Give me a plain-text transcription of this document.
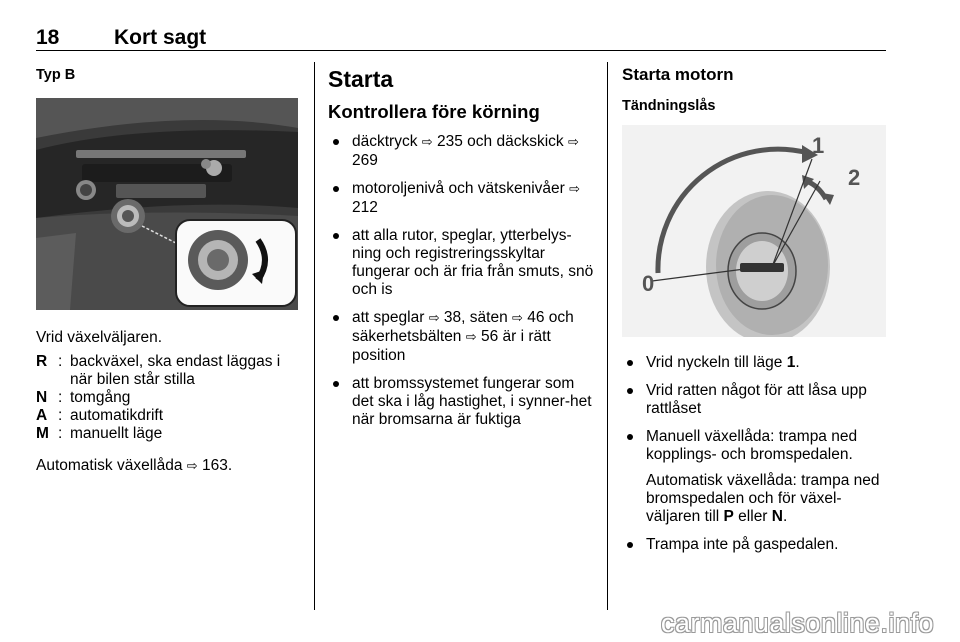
18	Kort sagt
Typ B

Vrid växelväljaren.

R : backväxel, ska endast läggas i när bilen står stilla
N : tomgång
A : automatikdrift
M : manuellt läge

Automatisk växellåda ⇨ 163.

Starta
Kontrollera före körning
däcktryck ⇨ 235 och däckskick ⇨ 269
motoroljenivå och vätskenivåer ⇨ 212
att alla rutor, speglar, ytterbelys-ning och registreringsskyltar fungerar och är fria från smuts, snö och is
att speglar ⇨ 38, säten ⇨ 46 och säkerhetsbälten ⇨ 56 är i rätt position
att bromssystemet fungerar som det ska i låg hastighet, i synner-het när bromsarna är fuktiga
Starta motorn
Tändningslås
0
1
2
Vrid nyckeln till läge 1.
Vrid ratten något för att låsa upp rattlåset
Manuell växellåda: trampa ned kopplings- och bromspedalen.
Automatisk växellåda: trampa ned bromspedalen och för växel-väljaren till P eller N.
Trampa inte på gaspedalen.
carmanualsonline.info
